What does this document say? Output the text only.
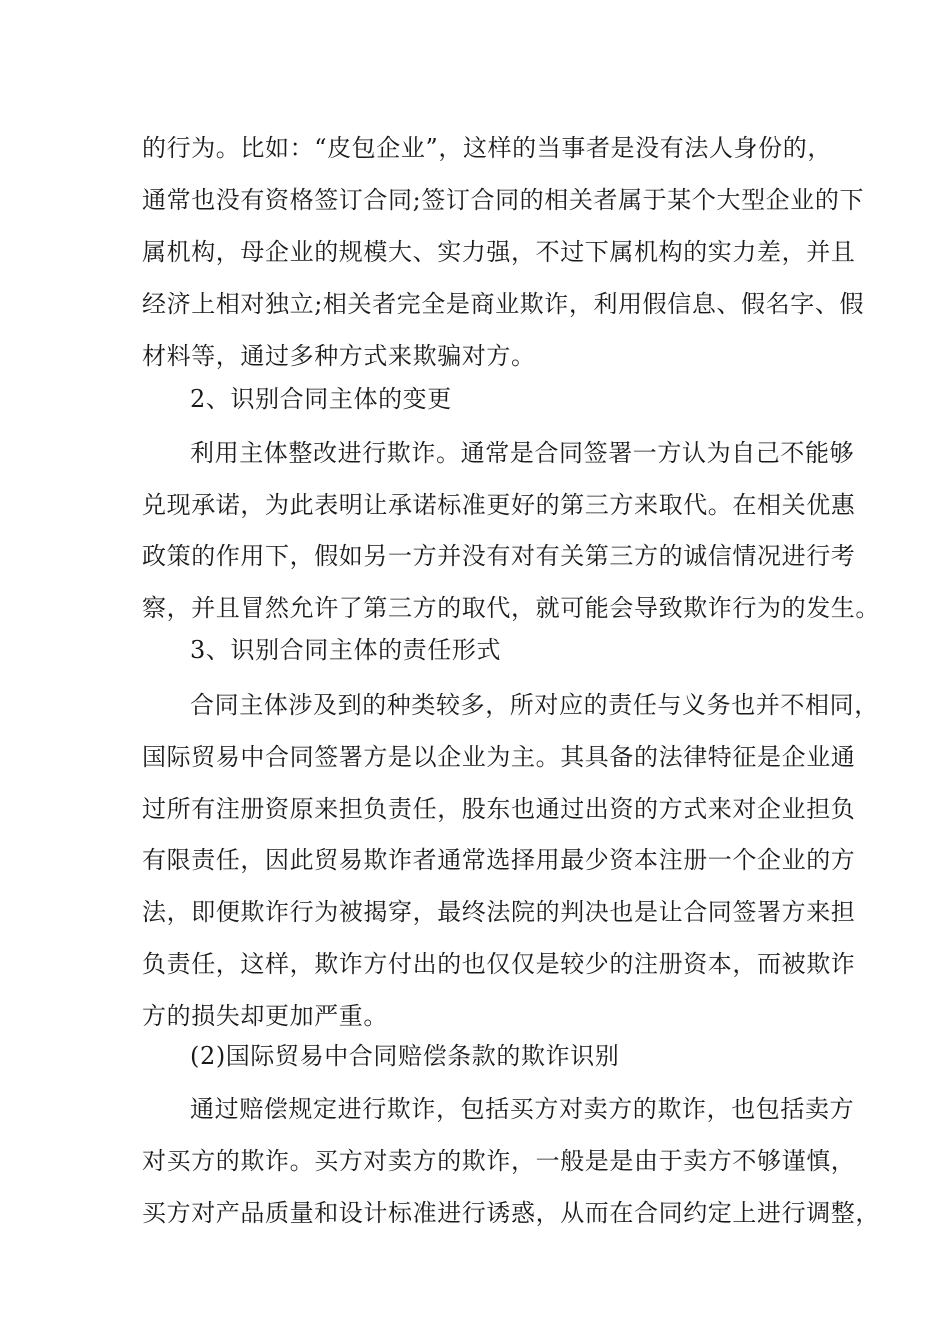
的行为。比如：“皮包企业”，这样的当事者是没有法人身份的，
通常也没有资格签订合同;签订合同的相关者属于某个大型企业的下
属机构，母企业的规模大、实力强，不过下属机构的实力差，并且
经济上相对独立;相关者完全是商业欺诈，利用假信息、假名字、假
材料等，通过多种方式来欺骗对方。
2、识别合同主体的变更
利用主体整改进行欺诈。通常是合同签署一方认为自己不能够
兑现承诺，为此表明让承诺标准更好的第三方来取代。在相关优惠
政策的作用下，假如另一方并没有对有关第三方的诚信情况进行考
察，并且冒然允许了第三方的取代，就可能会导致欺诈行为的发生。
3、识别合同主体的责任形式
合同主体涉及到的种类较多，所对应的责任与义务也并不相同，
国际贸易中合同签署方是以企业为主。其具备的法律特征是企业通
过所有注册资原来担负责任，股东也通过出资的方式来对企业担负
有限责任，因此贸易欺诈者通常选择用最少资本注册一个企业的方
法，即便欺诈行为被揭穿，最终法院的判决也是让合同签署方来担
负责任，这样，欺诈方付出的也仅仅是较少的注册资本，而被欺诈
方的损失却更加严重。
(2)国际贸易中合同赔偿条款的欺诈识别
通过赔偿规定进行欺诈，包括买方对卖方的欺诈，也包括卖方
对买方的欺诈。买方对卖方的欺诈，一般是是由于卖方不够谨慎，
买方对产品质量和设计标准进行诱惑，从而在合同约定上进行调整，
